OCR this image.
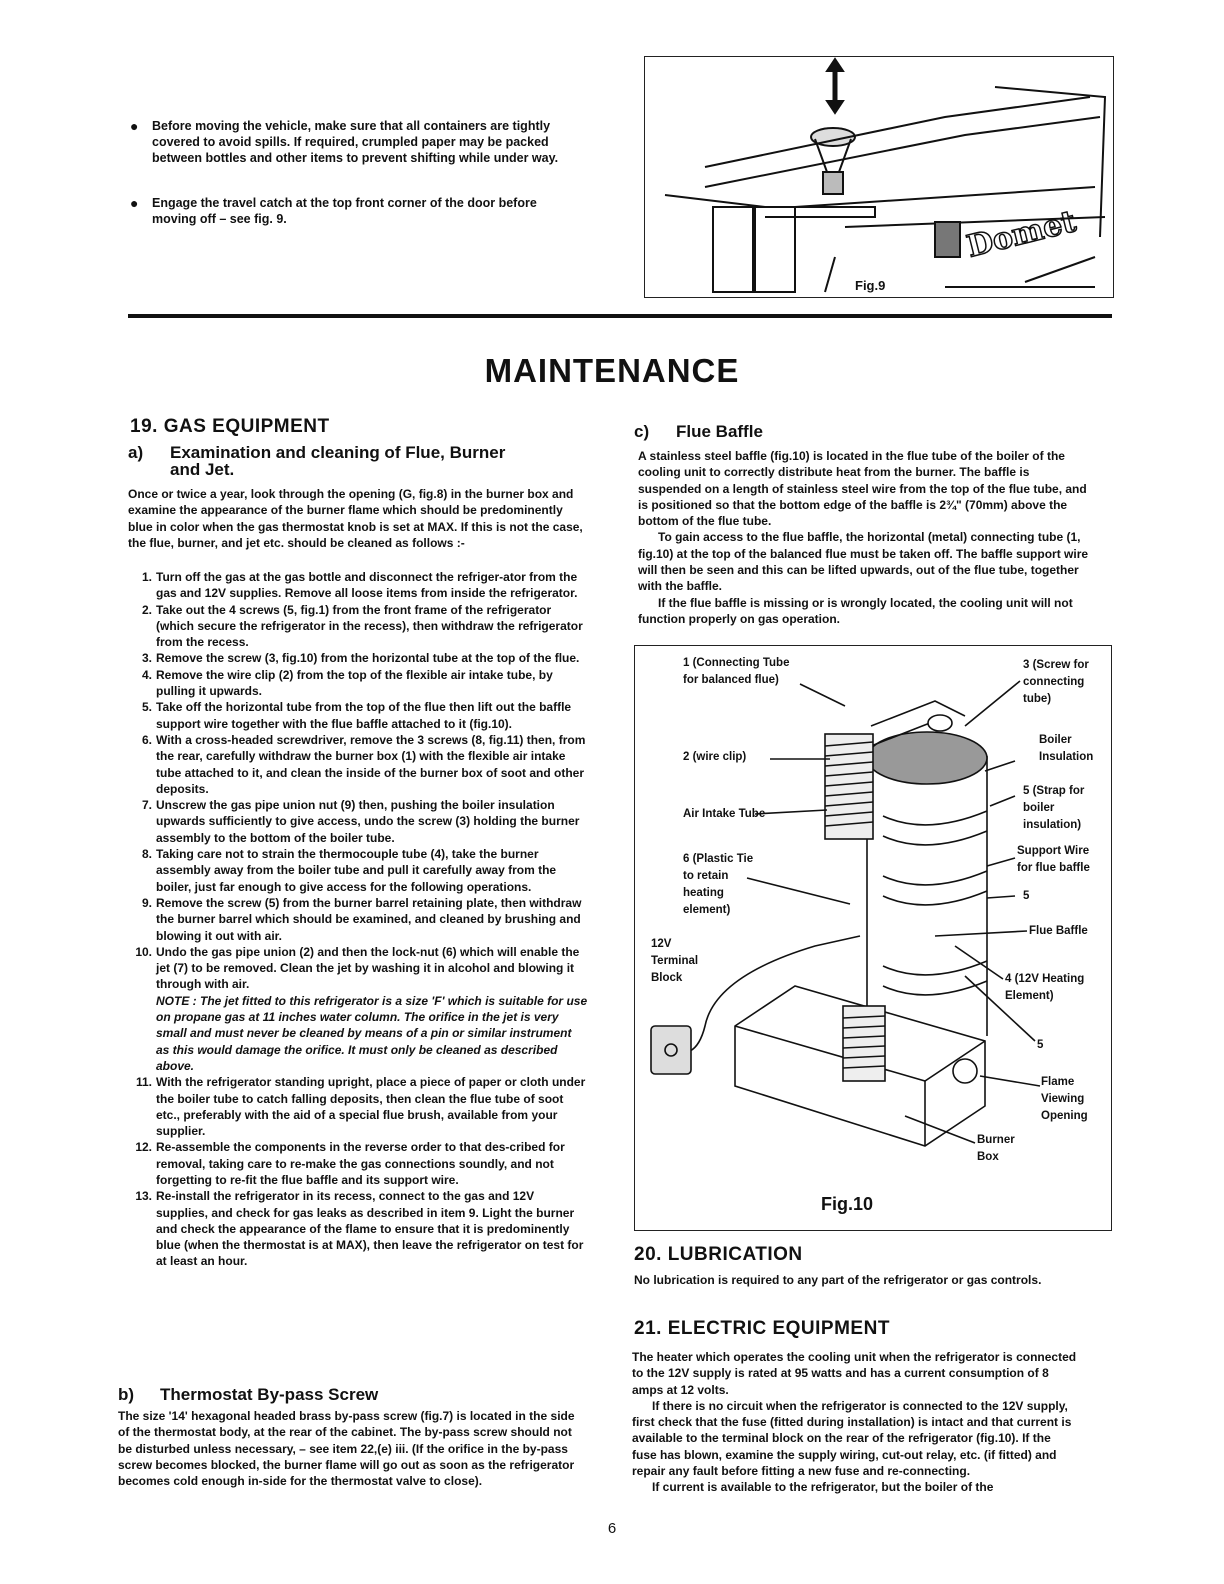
● Before moving the vehicle, make sure that all containers are tightly covered to avoid spills. If required, crumpled paper may be packed between bottles and other items to prevent shifting while under way.
● Engage the travel catch at the top front corner of the door before moving off – see fig. 9.	Domet
Fig.9
MAINTENANCE
19. GAS EQUIPMENT
a) Examination and cleaning of Flue, Burner
and Jet.
Once or twice a year, look through the opening (G, fig.8) in the burner box and examine the appearance of the burner flame which should be predominently blue in color when the gas thermostat knob is set at MAX. If this is not the case, the flue, burner, and jet etc. should be cleaned as follows :-
1. Turn off the gas at the gas bottle and disconnect the refriger-ator from the gas and 12V supplies. Remove all loose items from inside the refrigerator.
2. Take out the 4 screws (5, fig.1) from the front frame of the refrigerator (which secure the refrigerator in the recess), then withdraw the refrigerator from the recess.
3. Remove the screw (3, fig.10) from the horizontal tube at the top of the flue.
4. Remove the wire clip (2) from the top of the flexible air intake tube, by pulling it upwards.
5. Take off the horizontal tube from the top of the flue then lift out the baffle support wire together with the flue baffle attached to it (fig.10).
6. With a cross-headed screwdriver, remove the 3 screws (8, fig.11) then, from the rear, carefully withdraw the burner box (1) with the flexible air intake tube attached to it, and clean the inside of the burner box of soot and other deposits.
7. Unscrew the gas pipe union nut (9) then, pushing the boiler insulation upwards sufficiently to give access, undo the screw (3) holding the burner assembly to the bottom of the boiler tube.
8. Taking care not to strain the thermocouple tube (4), take the burner assembly away from the boiler tube and pull it carefully away from the boiler, just far enough to give access for the following operations.
9. Remove the screw (5) from the burner barrel retaining plate, then withdraw the burner barrel which should be examined, and cleaned by brushing and blowing it out with air.
10. Undo the gas pipe union (2) and then the lock-nut (6) which will enable the jet (7) to be removed. Clean the jet by washing it in alcohol and blowing it through with air.
NOTE : The jet fitted to this refrigerator is a size 'F' which is suitable for use on propane gas at 11 inches water column. The orifice in the jet is very small and must never be cleaned by means of a pin or similar instrument as this would damage the orifice. It must only be cleaned as described above.
11. With the refrigerator standing upright, place a piece of paper or cloth under the boiler tube to catch falling deposits, then clean the flue tube of soot etc., preferably with the aid of a special flue brush, available from your supplier.
12. Re-assemble the components in the reverse order to that des-cribed for removal, taking care to re-make the gas connections soundly, and not forgetting to re-fit the flue baffle and its support wire.
13. Re-install the refrigerator in its recess, connect to the gas and 12V supplies, and check for gas leaks as described in item 9. Light the burner and check the appearance of the flame to ensure that it is predominently blue (when the thermostat is at MAX), then leave the refrigerator on test for at least an hour.
b) Thermostat By-pass Screw
The size '14' hexagonal headed brass by-pass screw (fig.7) is located in the side of the thermostat body, at the rear of the cabinet. The by-pass screw should not be disturbed unless necessary, – see item 22,(e) iii. (If the orifice in the by-pass screw becomes blocked, the burner flame will go out as soon as the refrigerator becomes cold enough in-side for the thermostat valve to close).
c) Flue Baffle
A stainless steel baffle (fig.10) is located in the flue tube of the boiler of the cooling unit to correctly distribute heat from the burner. The baffle is suspended on a length of stainless steel wire from the top of the flue tube, and is positioned so that the bottom edge of the baffle is 2¾" (70mm) above the bottom of the flue tube.
To gain access to the flue baffle, the horizontal (metal) connecting tube (1, fig.10) at the top of the balanced flue must be taken off. The baffle support wire will then be seen and this can be lifted upwards, out of the flue tube, together with the baffle.
If the flue baffle is missing or is wrongly located, the cooling unit will not function properly on gas operation.
1 (Connecting Tube
for balanced flue)
2 (wire clip)
Air Intake Tube
6 (Plastic Tie
to retain
heating
element)
12V
Terminal
Block
3 (Screw for
connecting
tube)
Boiler
Insulation
5 (Strap for
boiler
insulation)
Support Wire
for flue baffle
5
Flue Baffle
4 (12V Heating
Element)
5
Flame
Viewing
Opening
Burner
Box
Fig.10
20. LUBRICATION
No lubrication is required to any part of the refrigerator or gas controls.
21. ELECTRIC EQUIPMENT
The heater which operates the cooling unit when the refrigerator is connected to the 12V supply is rated at 95 watts and has a current consumption of 8 amps at 12 volts.
If there is no circuit when the refrigerator is connected to the 12V supply, first check that the fuse (fitted during installation) is intact and that current is available to the terminal block on the rear of the refrigerator (fig.10). If the fuse has blown, examine the supply wiring, cut-out relay, etc. (if fitted) and repair any fault before fitting a new fuse and re-connecting.
If current is available to the refrigerator, but the boiler of the
6
